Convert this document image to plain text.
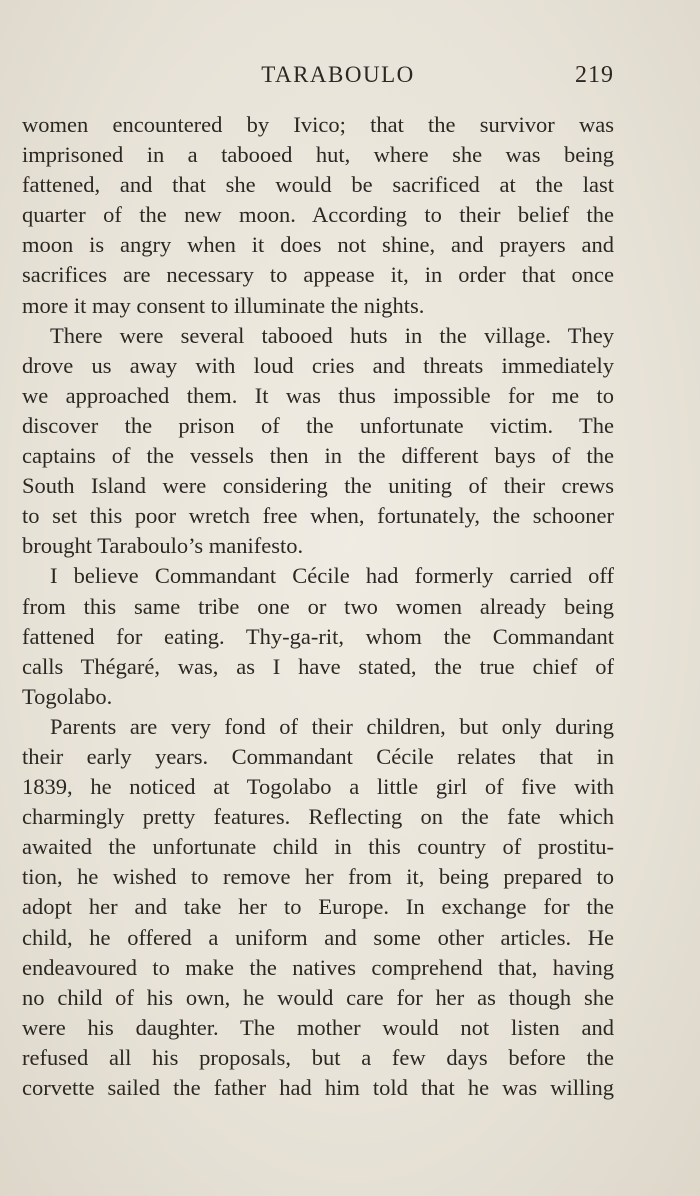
TARABOULO	219
women encountered by Ivico; that the survivor was
imprisoned in a tabooed hut, where she was being
fattened, and that she would be sacrificed at the last
quarter of the new moon. According to their belief the
moon is angry when it does not shine, and prayers and
sacrifices are necessary to appease it, in order that once
more it may consent to illuminate the nights.
There were several tabooed huts in the village. They
drove us away with loud cries and threats immediately
we approached them. It was thus impossible for me to
discover the prison of the unfortunate victim. The
captains of the vessels then in the different bays of the
South Island were considering the uniting of their crews
to set this poor wretch free when, fortunately, the schooner
brought Taraboulo’s manifesto.
I believe Commandant Cécile had formerly carried off
from this same tribe one or two women already being
fattened for eating. Thy-ga-rit, whom the Commandant
calls Thégaré, was, as I have stated, the true chief of
Togolabo.
Parents are very fond of their children, but only during
their early years. Commandant Cécile relates that in
1839, he noticed at Togolabo a little girl of five with
charmingly pretty features. Reflecting on the fate which
awaited the unfortunate child in this country of prostitu-
tion, he wished to remove her from it, being prepared to
adopt her and take her to Europe. In exchange for the
child, he offered a uniform and some other articles. He
endeavoured to make the natives comprehend that, having
no child of his own, he would care for her as though she
were his daughter. The mother would not listen and
refused all his proposals, but a few days before the
corvette sailed the father had him told that he was willing
